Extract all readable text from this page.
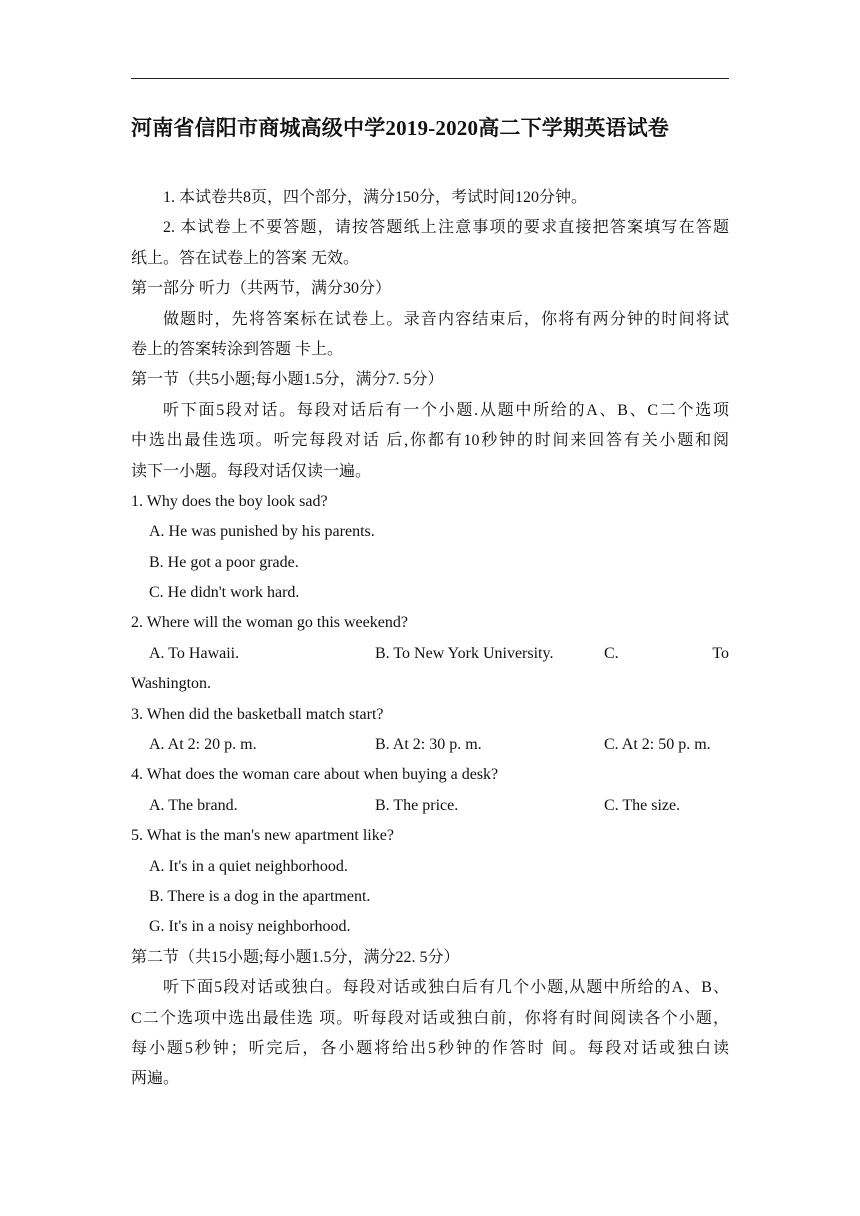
河南省信阳市商城高级中学2019-2020高二下学期英语试卷
1. 本试卷共8页，四个部分，满分150分，考试时间120分钟。
2. 本试卷上不要答题，请按答题纸上注意事项的要求直接把答案填写在答题
纸上。答在试卷上的答案 无效。
第一部分 听力（共两节，满分30分）
做题时，先将答案标在试卷上。录音内容结束后，你将有两分钟的时间将试
卷上的答案转涂到答题 卡上。
第一节（共5小题;每小题1.5分，满分7. 5分）
听下面5段对话。每段对话后有一个小题.从题中所给的A、B、C二个选项
中选出最佳选项。听完每段对话 后,你都有10秒钟的时间来回答有关小题和阅
读下一小题。每段对话仅读一遍。
1. Why does the boy look sad?
A. He was punished by his parents.
B. He got a poor grade.
C. He didn't work hard.
2. Where will the woman go this weekend?
A. To Hawaii.	B. To New York University.	C.	To
Washington.
3. When did the basketball match start?
A. At 2: 20 p. m.	B. At 2: 30 p. m.	C. At 2: 50 p. m.
4. What does the woman care about when buying a desk?
A. The brand.	B. The price.	C. The size.
5. What is the man's new apartment like?
A. It's in a quiet neighborhood.
B. There is a dog in the apartment.
G. It's in a noisy neighborhood.
第二节（共15小题;每小题1.5分，满分22. 5分）
听下面5段对话或独白。每段对话或独白后有几个小题,从题中所给的A、B、
C二个选项中选出最佳选 项。听每段对话或独白前，你将有时间阅读各个小题，
每小题5秒钟；听完后，各小题将给出5秒钟的作答时 间。每段对话或独白读
两遍。
